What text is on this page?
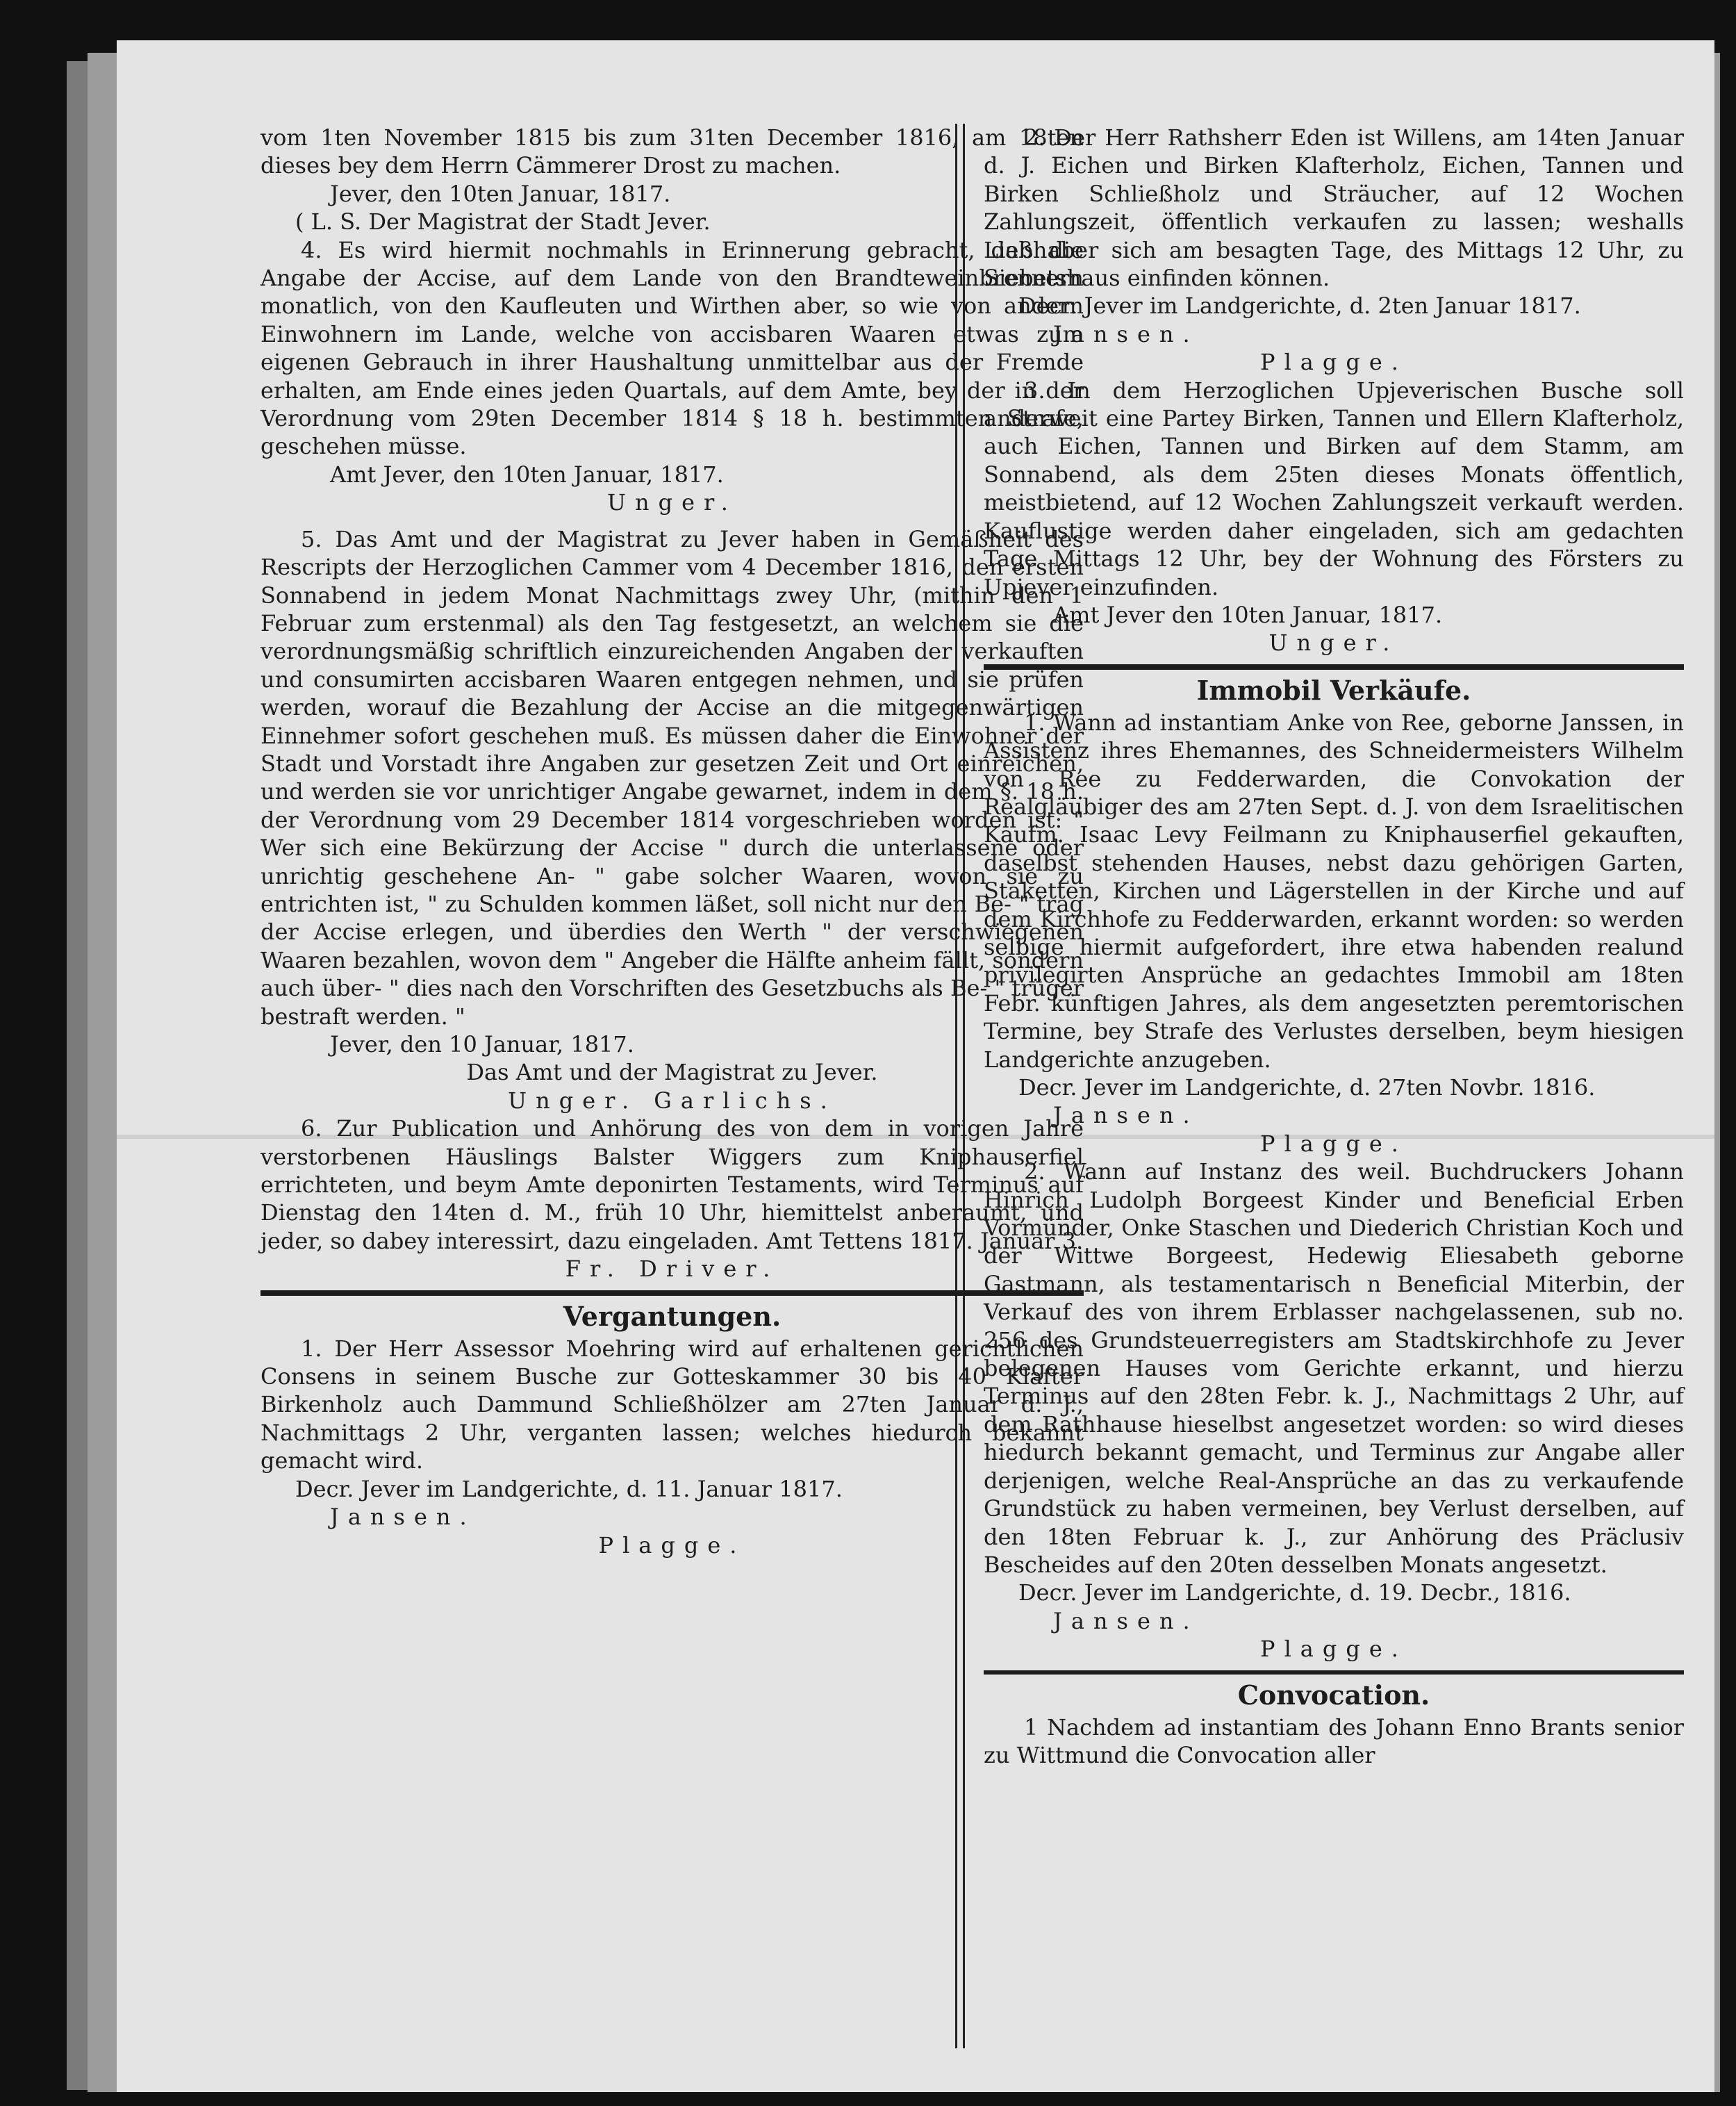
vom 1ten November 1815 bis zum 31ten December 1816, am 18ten dieses bey dem Herrn Cämmerer Drost zu machen.

Jever, den 10ten Januar, 1817.

( L. S. Der Magistrat der Stadt Jever.

4. Es wird hiermit nochmahls in Erinnerung gebracht, daß die Angabe der Accise, auf dem Lande von den Brandteweinbrennern monatlich, von den Kaufleuten und Wirthen aber, so wie von andern Einwohnern im Lande, welche von accisbaren Waaren etwas zum eigenen Gebrauch in ihrer Haushaltung unmittelbar aus der Fremde erhalten, am Ende eines jeden Quartals, auf dem Amte, bey der in der Verordnung vom 29ten December 1814 § 18 h. bestimmten Strafe, geschehen müsse.

Amt Jever, den 10ten Januar, 1817.

Unger.

5. Das Amt und der Magistrat zu Jever haben in Gemäßheit des Rescripts der Herzoglichen Cammer vom 4 December 1816, den ersten Sonnabend in jedem Monat Nachmittags zwey Uhr, (mithin den 1 Februar zum erstenmal) als den Tag festgesetzt, an welchem sie die verordnungsmäßig schriftlich einzureichenden Angaben der verkauften und consumirten accisbaren Waaren entgegen nehmen, und sie prüfen werden, worauf die Bezahlung der Accise an die mitgegenwärtigen Einnehmer sofort geschehen muß. Es müssen daher die Einwohner der Stadt und Vorstadt ihre Angaben zur gesetzen Zeit und Ort einreichen, und werden sie vor unrichtiger Angabe gewarnet, indem in dem §. 18 h. der Verordnung vom 29 December 1814 vorgeschrieben worden ist: " Wer sich eine Bekürzung der Accise " durch die unterlassene oder unrichtig geschehene An- " gabe solcher Waaren, wovon sie zu entrichten ist, " zu Schulden kommen läßet, soll nicht nur den Be- " trag der Accise erlegen, und überdies den Werth " der verschwiegenen Waaren bezahlen, wovon dem " Angeber die Hälfte anheim fällt, sondern auch über- " dies nach den Vorschriften des Gesetzbuchs als Be- " trüger bestraft werden. "

Jever, den 10 Januar, 1817.

Das Amt und der Magistrat zu Jever.

Unger. Garlichs.

6. Zur Publication und Anhörung des von dem in vorigen Jahre verstorbenen Häuslings Balster Wiggers zum Kniphauserfiel errichteten, und beym Amte deponirten Testaments, wird Terminus auf Dienstag den 14ten d. M., früh 10 Uhr, hiemittelst anberaumt, und jeder, so dabey interessirt, dazu eingeladen. Amt Tettens 1817. Januar 3.

Fr. Driver.

Vergantungen.

1. Der Herr Assessor Moehring wird auf erhaltenen gerichtlichen Consens in seinem Busche zur Gotteskammer 30 bis 40 Klafter Birkenholz auch Dammund Schließhölzer am 27ten Januar d. J., Nachmittags 2 Uhr, verganten lassen; welches hiedurch bekannt gemacht wird.

Decr. Jever im Landgerichte, d. 11. Januar 1817.

Jansen.

Plagge.

2. Der Herr Rathsherr Eden ist Willens, am 14ten Januar d. J. Eichen und Birken Klafterholz, Eichen, Tannen und Birken Schließholz und Sträucher, auf 12 Wochen Zahlungszeit, öffentlich verkaufen zu lassen; weshalls Liebhaber sich am besagten Tage, des Mittags 12 Uhr, zu Siebetshaus einfinden können.

Decr. Jever im Landgerichte, d. 2ten Januar 1817.

Jansen.

Plagge.

3. In dem Herzoglichen Upjeverischen Busche soll anderweit eine Partey Birken, Tannen und Ellern Klafterholz, auch Eichen, Tannen und Birken auf dem Stamm, am Sonnabend, als dem 25ten dieses Monats öffentlich, meistbietend, auf 12 Wochen Zahlungszeit verkauft werden. Kauflustige werden daher eingeladen, sich am gedachten Tage Mittags 12 Uhr, bey der Wohnung des Försters zu Upjever einzufinden.

Amt Jever den 10ten Januar, 1817.

Unger.

Immobil Verkäufe.

1. Wann ad instantiam Anke von Ree, geborne Janssen, in Assistenz ihres Ehemannes, des Schneidermeisters Wilhelm von Ree zu Fedderwarden, die Convokation der Realgläubiger des am 27ten Sept. d. J. von dem Israelitischen Kaufm. Isaac Levy Feilmann zu Kniphauserfiel gekauften, daselbst stehenden Hauses, nebst dazu gehörigen Garten, Staketten, Kirchen und Lägerstellen in der Kirche und auf dem Kirchhofe zu Fedderwarden, erkannt worden: so werden selbige hiermit aufgefordert, ihre etwa habenden realund privilegirten Ansprüche an gedachtes Immobil am 18ten Febr. künftigen Jahres, als dem angesetzten peremtorischen Termine, bey Strafe des Verlustes derselben, beym hiesigen Landgerichte anzugeben.

Decr. Jever im Landgerichte, d. 27ten Novbr. 1816.

Jansen.

Plagge.

2. Wann auf Instanz des weil. Buchdruckers Johann Hinrich Ludolph Borgeest Kinder und Beneficial Erben Vormünder, Onke Staschen und Diederich Christian Koch und der Wittwe Borgeest, Hedewig Eliesabeth geborne Gastmann, als testamentarisch n Beneficial Miterbin, der Verkauf des von ihrem Erblasser nachgelassenen, sub no. 256 des Grundsteuerregisters am Stadtskirchhofe zu Jever belegenen Hauses vom Gerichte erkannt, und hierzu Terminus auf den 28ten Febr. k. J., Nachmittags 2 Uhr, auf dem Rathhause hieselbst angesetzet worden: so wird dieses hiedurch bekannt gemacht, und Terminus zur Angabe aller derjenigen, welche Real-Ansprüche an das zu verkaufende Grundstück zu haben vermeinen, bey Verlust derselben, auf den 18ten Februar k. J., zur Anhörung des Präclusiv Bescheides auf den 20ten desselben Monats angesetzt.

Decr. Jever im Landgerichte, d. 19. Decbr., 1816.

Jansen.

Plagge.

Convocation.

1 Nachdem ad instantiam des Johann Enno Brants senior zu Wittmund die Convocation aller
